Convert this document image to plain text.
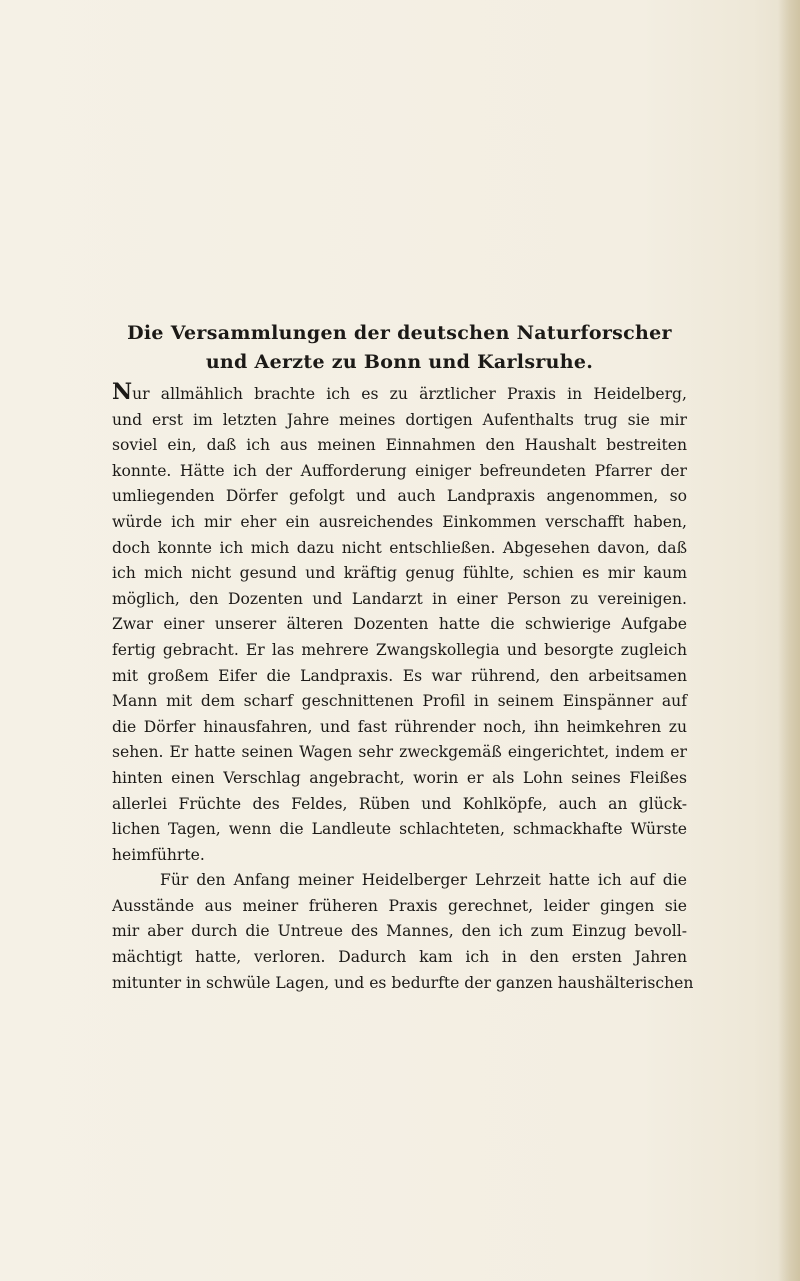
Die Versammlungen der deutschen Naturforscher
und Aerzte zu Bonn und Karlsruhe.
Nur allmählich brachte ich es zu ärztlicher Praxis in Heidelberg,
und erst im letzten Jahre meines dortigen Aufenthalts trug sie mir
soviel ein, daß ich aus meinen Einnahmen den Haushalt bestreiten
konnte. Hätte ich der Aufforderung einiger befreundeten Pfarrer der
umliegenden Dörfer gefolgt und auch Landpraxis angenommen, so
würde ich mir eher ein ausreichendes Einkommen verschafft haben,
doch konnte ich mich dazu nicht entschließen. Abgesehen davon, daß
ich mich nicht gesund und kräftig genug fühlte, schien es mir kaum
möglich, den Dozenten und Landarzt in einer Person zu vereinigen.
Zwar einer unserer älteren Dozenten hatte die schwierige Aufgabe
fertig gebracht. Er las mehrere Zwangskollegia und besorgte zugleich
mit großem Eifer die Landpraxis. Es war rührend, den arbeitsamen
Mann mit dem scharf geschnittenen Profil in seinem Einspänner auf
die Dörfer hinausfahren, und fast rührender noch, ihn heimkehren zu
sehen. Er hatte seinen Wagen sehr zweckgemäß eingerichtet, indem er
hinten einen Verschlag angebracht, worin er als Lohn seines Fleißes
allerlei Früchte des Feldes, Rüben und Kohlköpfe, auch an glück-
lichen Tagen, wenn die Landleute schlachteten, schmackhafte Würste
heimführte.
Für den Anfang meiner Heidelberger Lehrzeit hatte ich auf die
Ausstände aus meiner früheren Praxis gerechnet, leider gingen sie
mir aber durch die Untreue des Mannes, den ich zum Einzug bevoll-
mächtigt hatte, verloren. Dadurch kam ich in den ersten Jahren
mitunter in schwüle Lagen, und es bedurfte der ganzen haushälterischen
